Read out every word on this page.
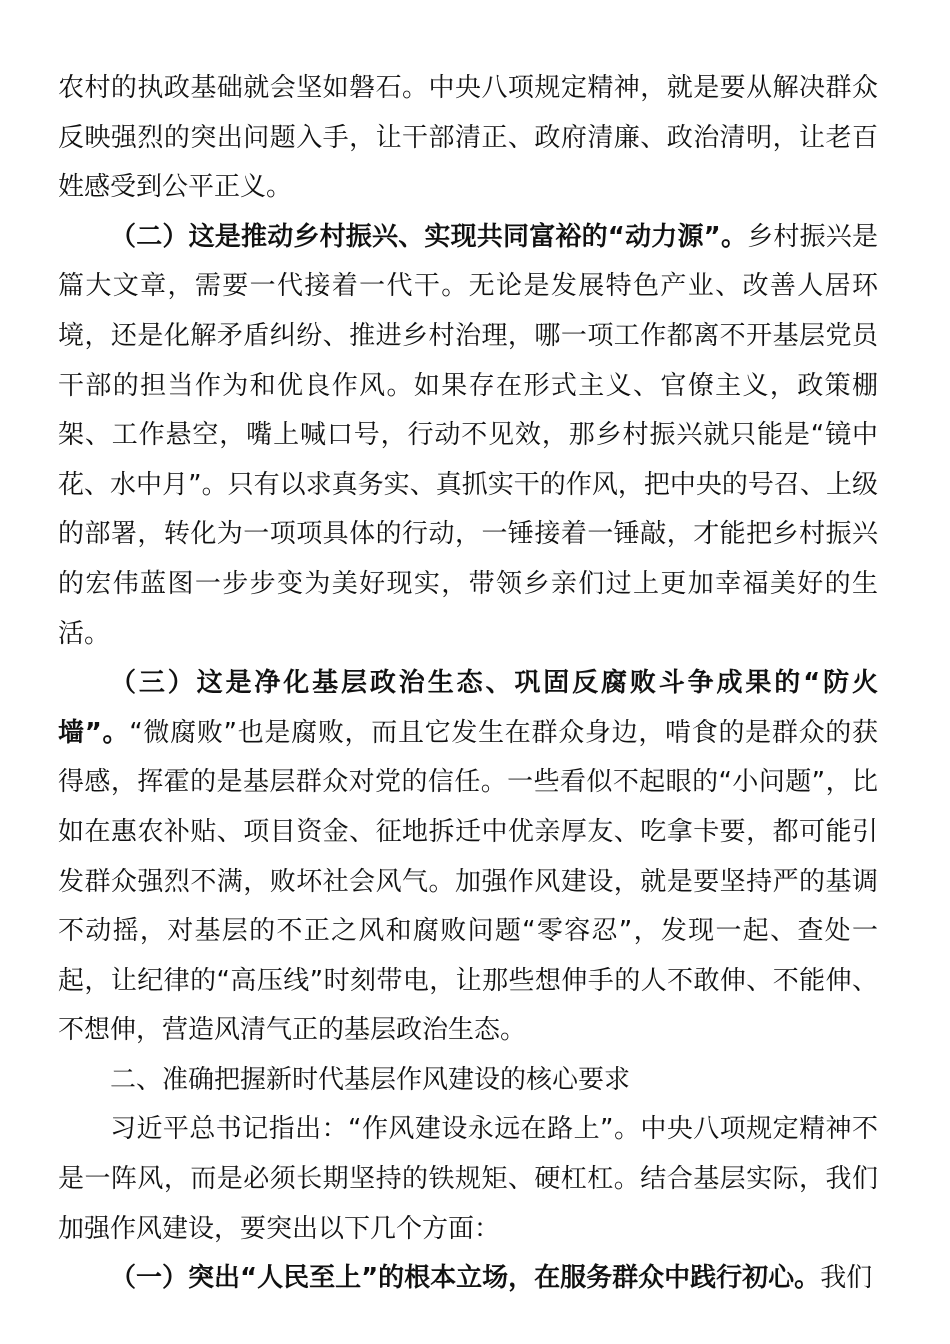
农村的执政基础就会坚如磐石。中央八项规定精神，就是要从解决群众反映强烈的突出问题入手，让干部清正、政府清廉、政治清明，让老百姓感受到公平正义。

（二）这是推动乡村振兴、实现共同富裕的“动力源”。乡村振兴是篇大文章，需要一代接着一代干。无论是发展特色产业、改善人居环境，还是化解矛盾纠纷、推进乡村治理，哪一项工作都离不开基层党员干部的担当作为和优良作风。如果存在形式主义、官僚主义，政策棚架、工作悬空，嘴上喊口号，行动不见效，那乡村振兴就只能是“镜中花、水中月”。只有以求真务实、真抓实干的作风，把中央的号召、上级的部署，转化为一项项具体的行动，一锤接着一锤敲，才能把乡村振兴的宏伟蓝图一步步变为美好现实，带领乡亲们过上更加幸福美好的生活。

（三）这是净化基层政治生态、巩固反腐败斗争成果的“防火墙”。“微腐败”也是腐败，而且它发生在群众身边，啃食的是群众的获得感，挥霍的是基层群众对党的信任。一些看似不起眼的“小问题”，比如在惠农补贴、项目资金、征地拆迁中优亲厚友、吃拿卡要，都可能引发群众强烈不满，败坏社会风气。加强作风建设，就是要坚持严的基调不动摇，对基层的不正之风和腐败问题“零容忍”，发现一起、查处一起，让纪律的“高压线”时刻带电，让那些想伸手的人不敢伸、不能伸、不想伸，营造风清气正的基层政治生态。

二、准确把握新时代基层作风建设的核心要求

习近平总书记指出：“作风建设永远在路上”。中央八项规定精神不是一阵风，而是必须长期坚持的铁规矩、硬杠杠。结合基层实际，我们加强作风建设，要突出以下几个方面：

（一）突出“人民至上”的根本立场，在服务群众中践行初心。我们
